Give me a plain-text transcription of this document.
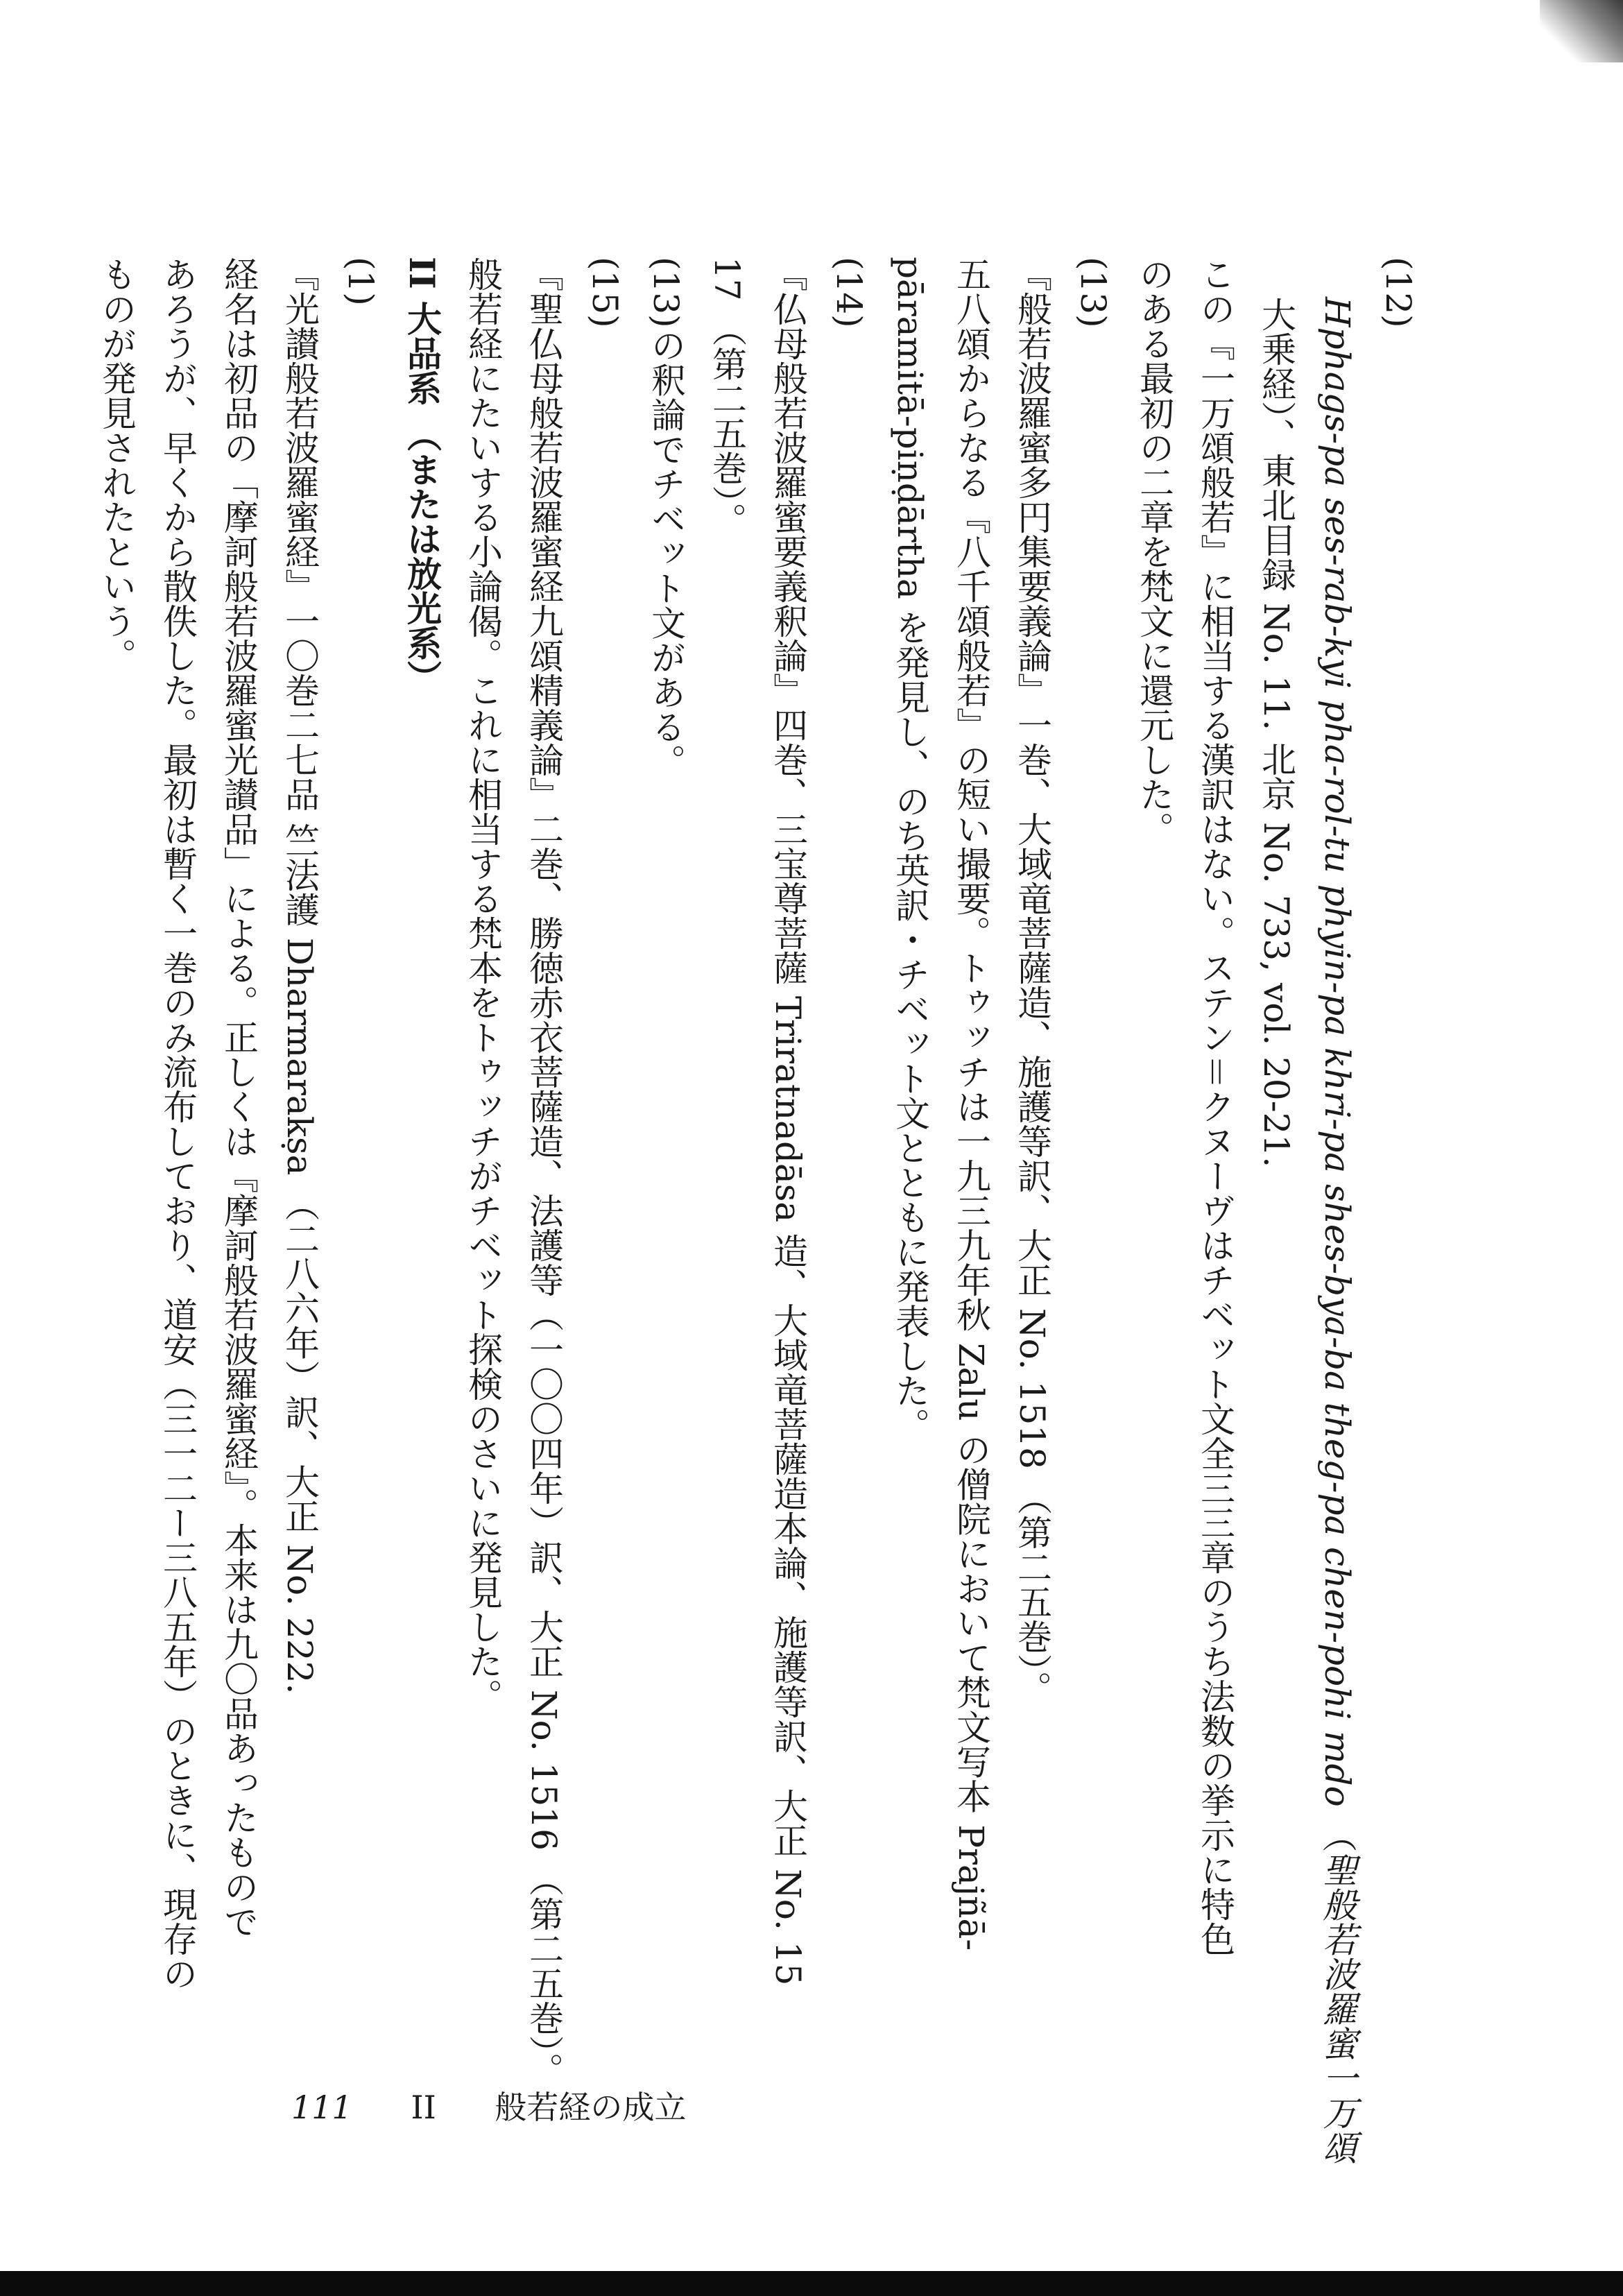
(12)
Hphags-pa ses-rab-kyi pha-rol-tu phyin-pa khri-pa shes-bya-ba theg-pa chen-pohi mdo （聖般若波羅蜜一万頌
大乗経）、東北目録 No. 11. 北京 No. 733, vol. 20-21.
この『一万頌般若』に相当する漢訳はない。ステン＝クヌーヴはチベット文全三三章のうち法数の挙示に特色
のある最初の二章を梵文に還元した。
(13)
『般若波羅蜜多円集要義論』一巻、大域竜菩薩造、施護等訳、大正 No. 1518 （第二五巻）。
五八頌からなる『八千頌般若』の短い撮要。トゥッチは一九三九年秋 Zalu の僧院において梵文写本 Prajñā-
pāramitā-piṇḍārtha を発見し、のち英訳・チベット文とともに発表した。
(14)
『仏母般若波羅蜜要義釈論』四巻、三宝尊菩薩 Triratnadāsa 造、大域竜菩薩造本論、施護等訳、大正 No. 15
17 （第二五巻）。
(13)の釈論でチベット文がある。
(15)
『聖仏母般若波羅蜜経九頌精義論』二巻、勝徳赤衣菩薩造、法護等（一〇〇四年）訳、大正 No. 1516 （第二五巻）。
般若経にたいする小論偈。これに相当する梵本をトゥッチがチベット探検のさいに発見した。
II 大品系 （または放光系）
(1)
『光讃般若波羅蜜経』一〇巻二七品 竺法護 Dharmarakṣa （二八六年）訳、大正 No. 222.
経名は初品の「摩訶般若波羅蜜光讃品」による。正しくは『摩訶般若波羅蜜経』。本来は九〇品あったもので
あろうが、早くから散佚した。最初は暫く一巻のみ流布しており、道安（三一二ー三八五年）のときに、現存の
ものが発見されたという。
111 II 般若経の成立
